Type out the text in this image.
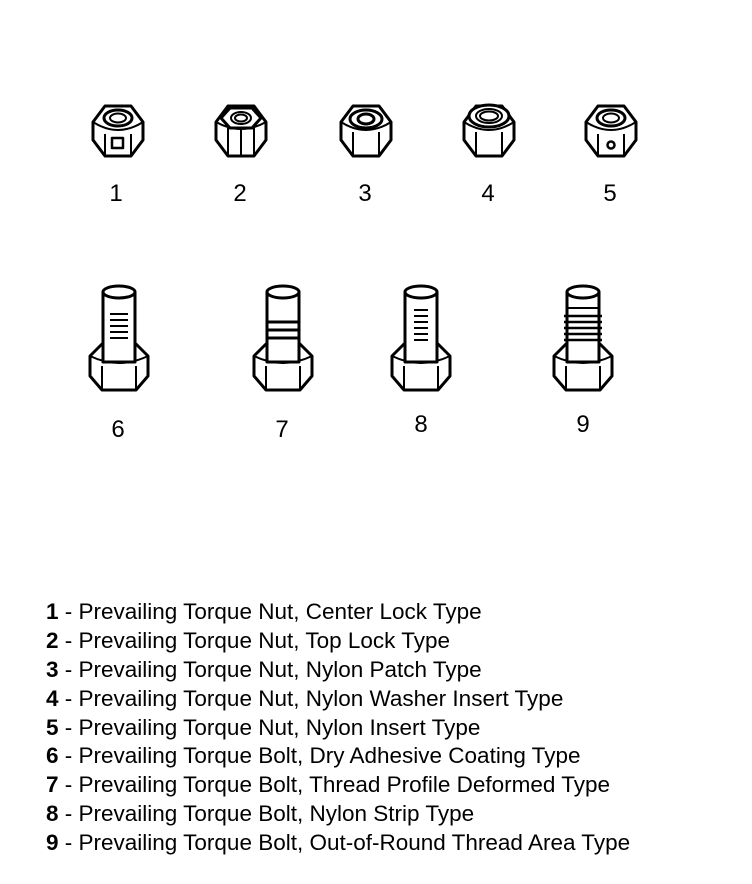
1	2	3	4	5
6	7	8	9
1 - Prevailing Torque Nut, Center Lock Type
2 - Prevailing Torque Nut, Top Lock Type
3 - Prevailing Torque Nut, Nylon Patch Type
4 - Prevailing Torque Nut, Nylon Washer Insert Type
5 - Prevailing Torque Nut, Nylon Insert Type
6 - Prevailing Torque Bolt, Dry Adhesive Coating Type
7 - Prevailing Torque Bolt, Thread Profile Deformed Type
8 - Prevailing Torque Bolt, Nylon Strip Type
9 - Prevailing Torque Bolt, Out-of-Round Thread Area Type
